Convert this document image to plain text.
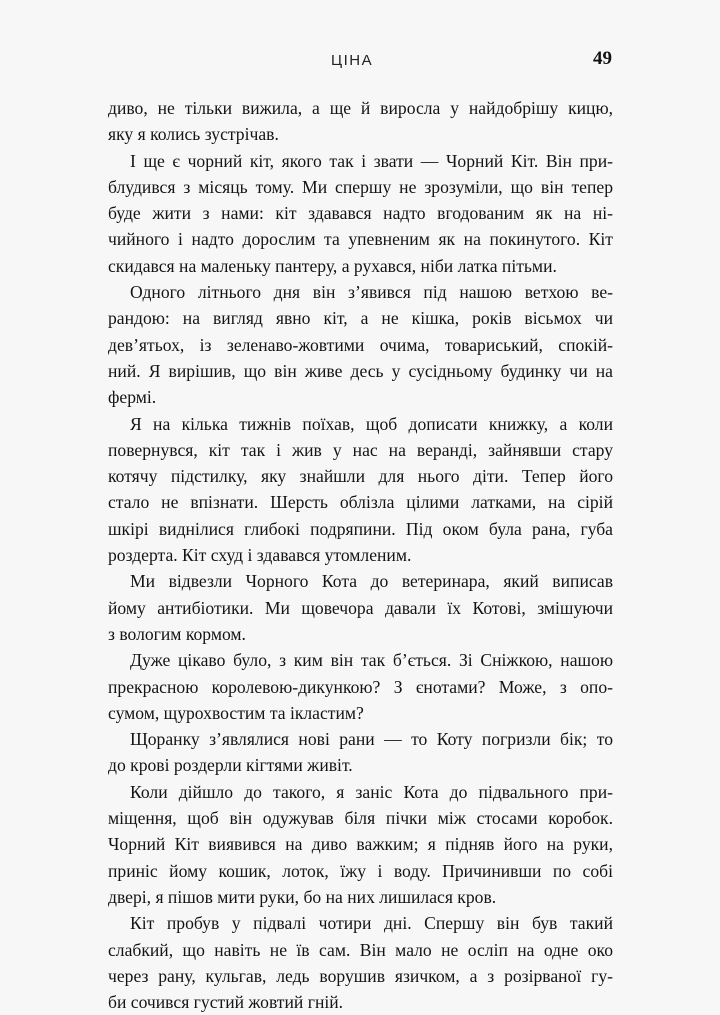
ЦІНА	49
диво, не тільки вижила, а ще й виросла у найдобрішу кицю,
яку я колись зустрічав.
І ще є чорний кіт, якого так і звати — Чорний Кіт. Він при-
блудився з місяць тому. Ми спершу не зрозуміли, що він тепер
буде жити з нами: кіт здавався надто вгодованим як на ні-
чийного і надто дорослим та упевненим як на покинутого. Кіт
скидався на маленьку пантеру, а рухався, ніби латка пітьми.
Одного літнього дня він з’явився під нашою ветхою ве-
рандою: на вигляд явно кіт, а не кішка, років вісьмох чи
дев’ятьох, із зеленаво-жовтими очима, товариський, спокій-
ний. Я вирішив, що він живе десь у сусідньому будинку чи на
фермі.
Я на кілька тижнів поїхав, щоб дописати книжку, а коли
повернувся, кіт так і жив у нас на веранді, зайнявши стару
котячу підстилку, яку знайшли для нього діти. Тепер його
стало не впізнати. Шерсть облізла цілими латками, на сірій
шкірі виднілися глибокі подряпини. Під оком була рана, губа
роздерта. Кіт схуд і здавався утомленим.
Ми відвезли Чорного Кота до ветеринара, який виписав
йому антибіотики. Ми щовечора давали їх Котові, змішуючи
з вологим кормом.
Дуже цікаво було, з ким він так б’ється. Зі Сніжкою, нашою
прекрасною королевою-дикункою? З єнотами? Може, з опо-
сумом, щурохвостим та ікластим?
Щоранку з’являлися нові рани — то Коту погризли бік; то
до крові роздерли кігтями живіт.
Коли дійшло до такого, я заніс Кота до підвального при-
міщення, щоб він одужував біля пічки між стосами коробок.
Чорний Кіт виявився на диво важким; я підняв його на руки,
приніс йому кошик, лоток, їжу і воду. Причинивши по собі
двері, я пішов мити руки, бо на них лишилася кров.
Кіт пробув у підвалі чотири дні. Спершу він був такий
слабкий, що навіть не їв сам. Він мало не осліп на одне око
через рану, кульгав, ледь ворушив язичком, а з розірваної гу-
би сочився густий жовтий гній.
